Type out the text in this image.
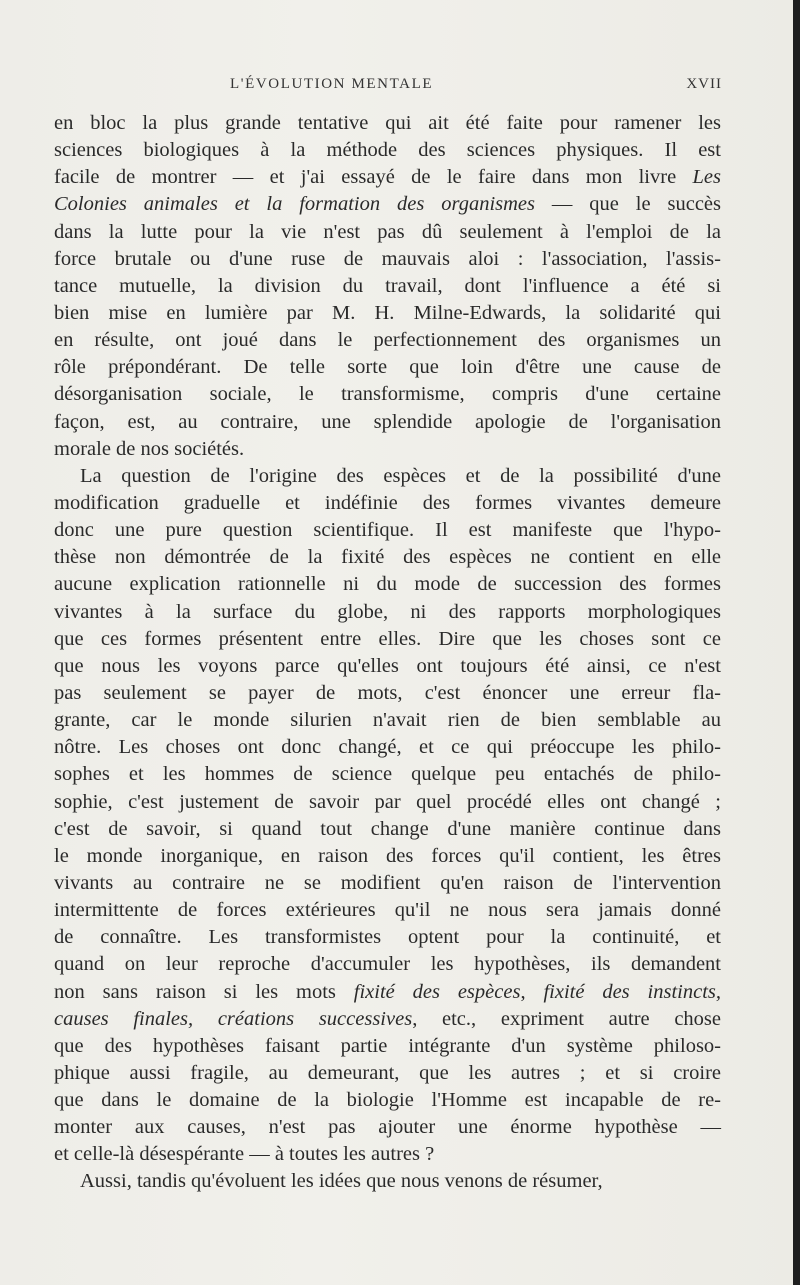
L'ÉVOLUTION MENTALE	XVII
en bloc la plus grande tentative qui ait été faite pour ramener les
sciences biologiques à la méthode des sciences physiques. Il est
facile de montrer — et j'ai essayé de le faire dans mon livre Les
Colonies animales et la formation des organismes — que le succès
dans la lutte pour la vie n'est pas dû seulement à l'emploi de la
force brutale ou d'une ruse de mauvais aloi : l'association, l'assis-
tance mutuelle, la division du travail, dont l'influence a été si
bien mise en lumière par M. H. Milne-Edwards, la solidarité qui
en résulte, ont joué dans le perfectionnement des organismes un
rôle prépondérant. De telle sorte que loin d'être une cause de
désorganisation sociale, le transformisme, compris d'une certaine
façon, est, au contraire, une splendide apologie de l'organisation
morale de nos sociétés.
La question de l'origine des espèces et de la possibilité d'une
modification graduelle et indéfinie des formes vivantes demeure
donc une pure question scientifique. Il est manifeste que l'hypo-
thèse non démontrée de la fixité des espèces ne contient en elle
aucune explication rationnelle ni du mode de succession des formes
vivantes à la surface du globe, ni des rapports morphologiques
que ces formes présentent entre elles. Dire que les choses sont ce
que nous les voyons parce qu'elles ont toujours été ainsi, ce n'est
pas seulement se payer de mots, c'est énoncer une erreur fla-
grante, car le monde silurien n'avait rien de bien semblable au
nôtre. Les choses ont donc changé, et ce qui préoccupe les philo-
sophes et les hommes de science quelque peu entachés de philo-
sophie, c'est justement de savoir par quel procédé elles ont changé ;
c'est de savoir, si quand tout change d'une manière continue dans
le monde inorganique, en raison des forces qu'il contient, les êtres
vivants au contraire ne se modifient qu'en raison de l'intervention
intermittente de forces extérieures qu'il ne nous sera jamais donné
de connaître. Les transformistes optent pour la continuité, et
quand on leur reproche d'accumuler les hypothèses, ils demandent
non sans raison si les mots fixité des espèces, fixité des instincts,
causes finales, créations successives, etc., expriment autre chose
que des hypothèses faisant partie intégrante d'un système philoso-
phique aussi fragile, au demeurant, que les autres ; et si croire
que dans le domaine de la biologie l'Homme est incapable de re-
monter aux causes, n'est pas ajouter une énorme hypothèse —
et celle-là désespérante — à toutes les autres ?
Aussi, tandis qu'évoluent les idées que nous venons de résumer,
